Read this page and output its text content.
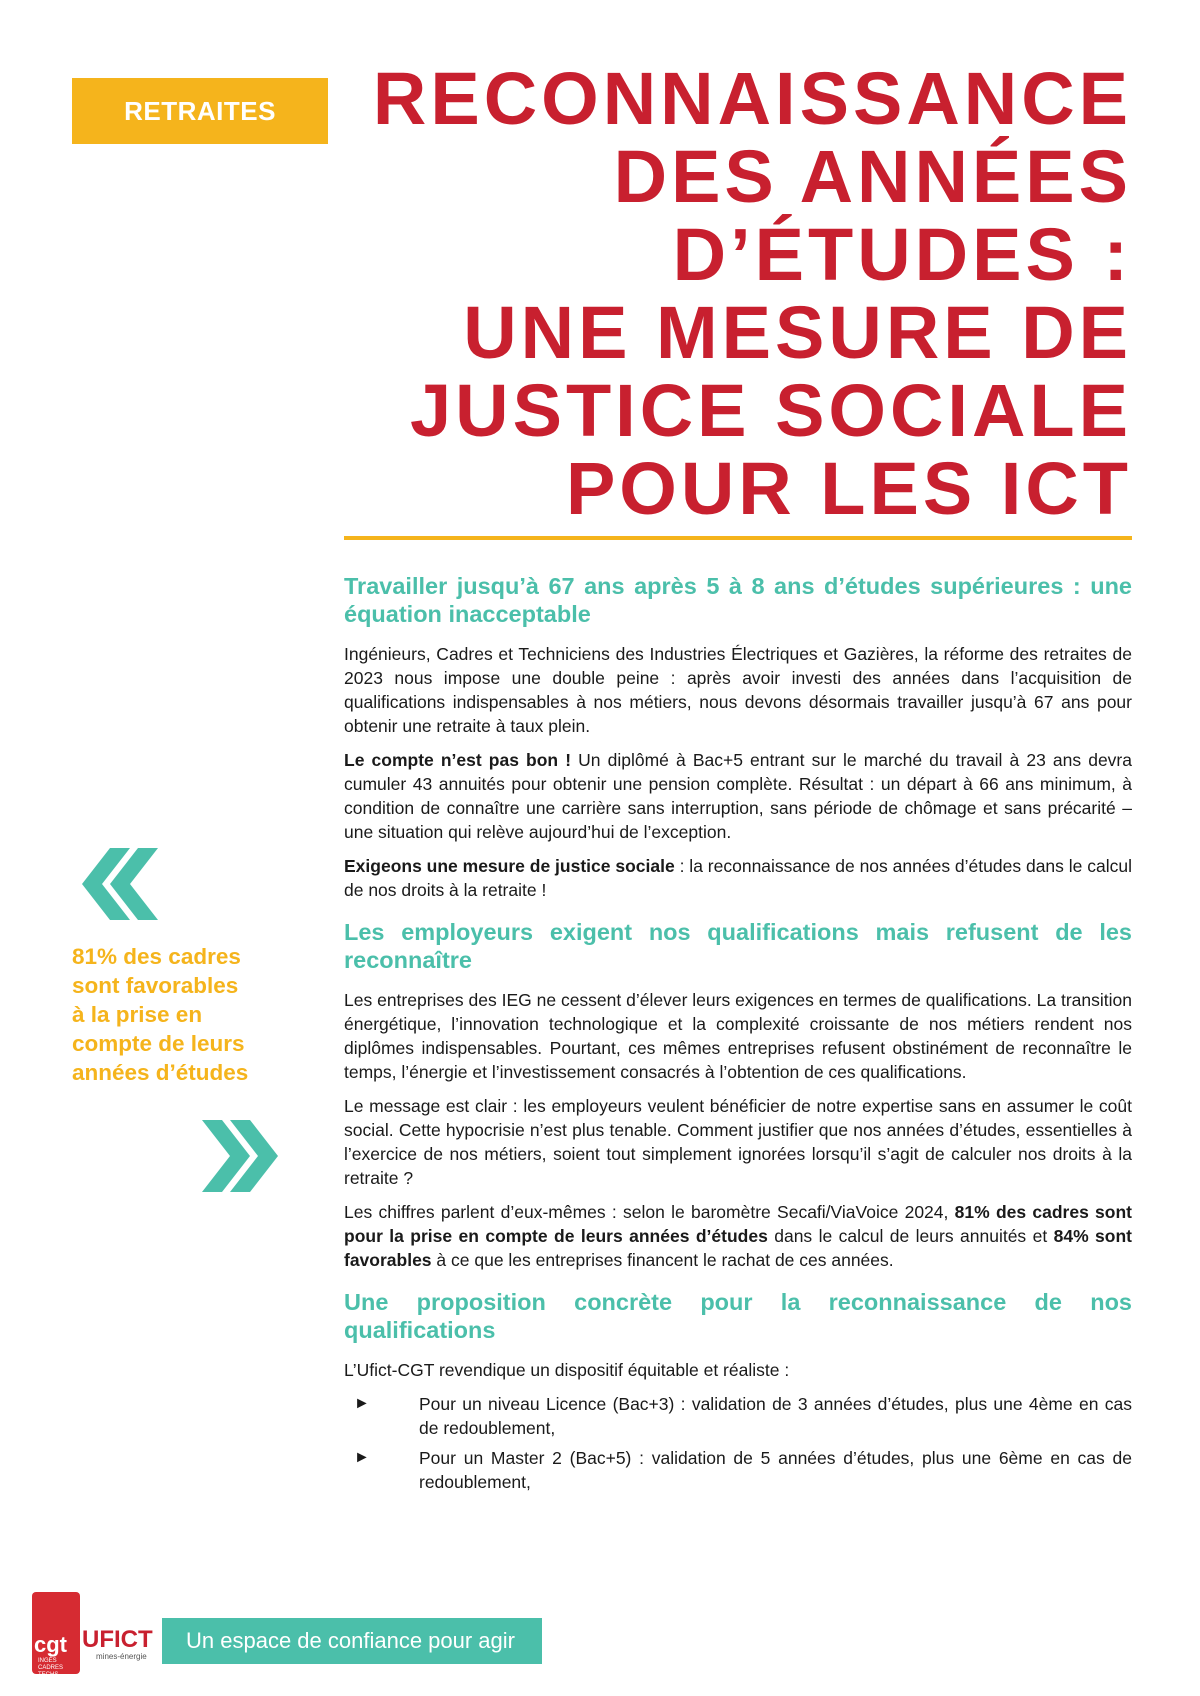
RETRAITES	RECONNAISSANCE
DES ANNÉES
D’ÉTUDES :
UNE MESURE DE
JUSTICE SOCIALE
POUR LES ICT
81% des cadres
sont favorables
à la prise en
compte de leurs
années d’études
Travailler jusqu’à 67 ans après 5 à 8 ans d’études supérieures : une équation inacceptable

Ingénieurs, Cadres et Techniciens des Industries Électriques et Gazières, la réforme des retraites de 2023 nous impose une double peine : après avoir investi des années dans l’acquisition de qualifications indispensables à nos métiers, nous devons désormais travailler jusqu’à 67 ans pour obtenir une retraite à taux plein.

Le compte n’est pas bon ! Un diplômé à Bac+5 entrant sur le marché du travail à 23 ans devra cumuler 43 annuités pour obtenir une pension complète. Résultat : un départ à 66 ans minimum, à condition de connaître une carrière sans interruption, sans période de chômage et sans précarité – une situation qui relève aujourd’hui de l’exception.

Exigeons une mesure de justice sociale : la reconnaissance de nos années d’études dans le calcul de nos droits à la retraite !

Les employeurs exigent nos qualifications mais refusent de les reconnaître

Les entreprises des IEG ne cessent d’élever leurs exigences en termes de qualifications. La transition énergétique, l’innovation technologique et la complexité croissante de nos métiers rendent nos diplômes indispensables. Pourtant, ces mêmes entreprises refusent obstinément de reconnaître le temps, l’énergie et l’investissement consacrés à l’obtention de ces qualifications.

Le message est clair : les employeurs veulent bénéficier de notre expertise sans en assumer le coût social. Cette hypocrisie n’est plus tenable. Comment justifier que nos années d’études, essentielles à l’exercice de nos métiers, soient tout simplement ignorées lorsqu’il s’agit de calculer nos droits à la retraite ?

Les chiffres parlent d’eux-mêmes : selon le baromètre Secafi/ViaVoice 2024, 81% des cadres sont pour la prise en compte de leurs années d’études dans le calcul de leurs annuités et 84% sont favorables à ce que les entreprises financent le rachat de ces années.

Une proposition concrète pour la reconnaissance de nos qualifications

L’Ufict-CGT revendique un dispositif équitable et réaliste :

►	Pour un niveau Licence (Bac+3) : validation de 3 années d’études, plus une 4ème en cas de redoublement,
►	Pour un Master 2 (Bac+5) : validation de 5 années d’études, plus une 6ème en cas de redoublement,
cgt
INGÉS CADRES TECHS
UFICT
mines-énergie
Un espace de confiance pour agir
